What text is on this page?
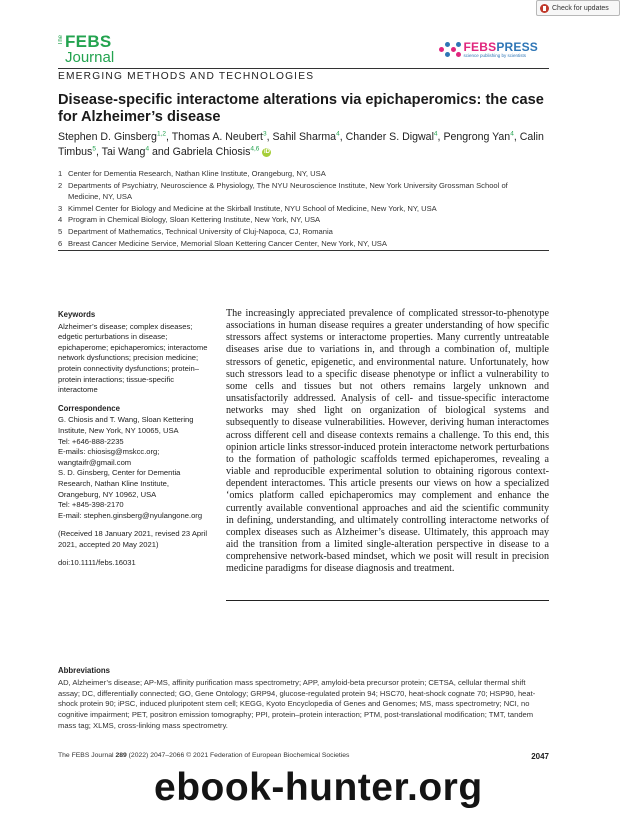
Check for updates
The FEBS
Journal
FEBSPRESS
science publishing by scientists
EMERGING METHODS AND TECHNOLOGIES
Disease-specific interactome alterations via epichaperomics: the case for Alzheimer’s disease
Stephen D. Ginsberg$^{1,2}$, Thomas A. Neubert$^3$, Sahil Sharma$^4$, Chander S. Digwal$^4$, Pengrong Yan$^4$, Calin Timbus$^5$, Tai Wang$^4$ and Gabriela Chiosis$^{4,6}$ iD
1 Center for Dementia Research, Nathan Kline Institute, Orangeburg, NY, USA
2 Departments of Psychiatry, Neuroscience & Physiology, The NYU Neuroscience Institute, New York University Grossman School of Medicine, NY, USA
3 Kimmel Center for Biology and Medicine at the Skirball Institute, NYU School of Medicine, New York, NY, USA
4 Program in Chemical Biology, Sloan Kettering Institute, New York, NY, USA
5 Department of Mathematics, Technical University of Cluj-Napoca, CJ, Romania
6 Breast Cancer Medicine Service, Memorial Sloan Kettering Cancer Center, New York, NY, USA
Keywords
Alzheimer’s disease; complex diseases;
edgetic perturbations in disease;
epichaperome; epichaperomics; interactome
network dysfunctions; precision medicine;
protein connectivity dysfunctions; protein–
protein interactions; tissue-specific
interactome
Correspondence
G. Chiosis and T. Wang, Sloan Kettering
Institute, New York, NY 10065, USA
Tel: +646-888-2235
E-mails: chiosisg@mskcc.org;
wangtaifr@gmail.com
S. D. Ginsberg, Center for Dementia
Research, Nathan Kline Institute,
Orangeburg, NY 10962, USA
Tel: +845-398-2170
E-mail: stephen.ginsberg@nyulangone.org
(Received 18 January 2021, revised 23 April
2021, accepted 20 May 2021)
doi:10.1111/febs.16031

The increasingly appreciated prevalence of complicated stressor-to-phenotype associations in human disease requires a greater understanding of how specific stressors affect systems or interactome properties. Many currently untreatable diseases arise due to variations in, and through a combination of, multiple stressors of genetic, epigenetic, and environmental nature. Unfortunately, how such stressors lead to a specific disease phenotype or inflict a vulnerability to some cells and tissues but not others remains largely unknown and unsatisfactorily addressed. Analysis of cell- and tissue-specific interactome networks may shed light on organization of biological systems and subsequently to disease vulnerabilities. However, deriving human interactomes across different cell and disease contexts remains a challenge. To this end, this opinion article links stressor-induced protein interactome network perturbations to the formation of pathologic scaffolds termed epichaperomes, revealing a viable and reproducible experimental solution to obtaining rigorous context-dependent interactomes. This article presents our views on how a specialized ‘omics platform called epichaperomics may complement and enhance the currently available conventional approaches and aid the scientific community in defining, understanding, and ultimately controlling interactome networks of complex diseases such as Alzheimer’s disease. Ultimately, this approach may aid the transition from a limited single-alteration perspective in disease to a comprehensive network-based mindset, which we posit will result in precision medicine paradigms for disease diagnosis and treatment.

Abbreviations

AD, Alzheimer’s disease; AP-MS, affinity purification mass spectrometry; APP, amyloid-beta precursor protein; CETSA, cellular thermal shift assay; DC, differentially connected; GO, Gene Ontology; GRP94, glucose-regulated protein 94; HSC70, heat-shock cognate 70; HSP90, heat-shock protein 90; iPSC, induced pluripotent stem cell; KEGG, Kyoto Encyclopedia of Genes and Genomes; MS, mass spectrometry; NCI, no cognitive impairment; PET, positron emission tomography; PPI, protein–protein interaction; PTM, post-translational modification; TMT, tandem mass tag; XLMS, cross-linking mass spectrometry.

The FEBS Journal 289 (2022) 2047–2066 © 2021 Federation of European Biochemical Societies	2047
ebook-hunter.org
